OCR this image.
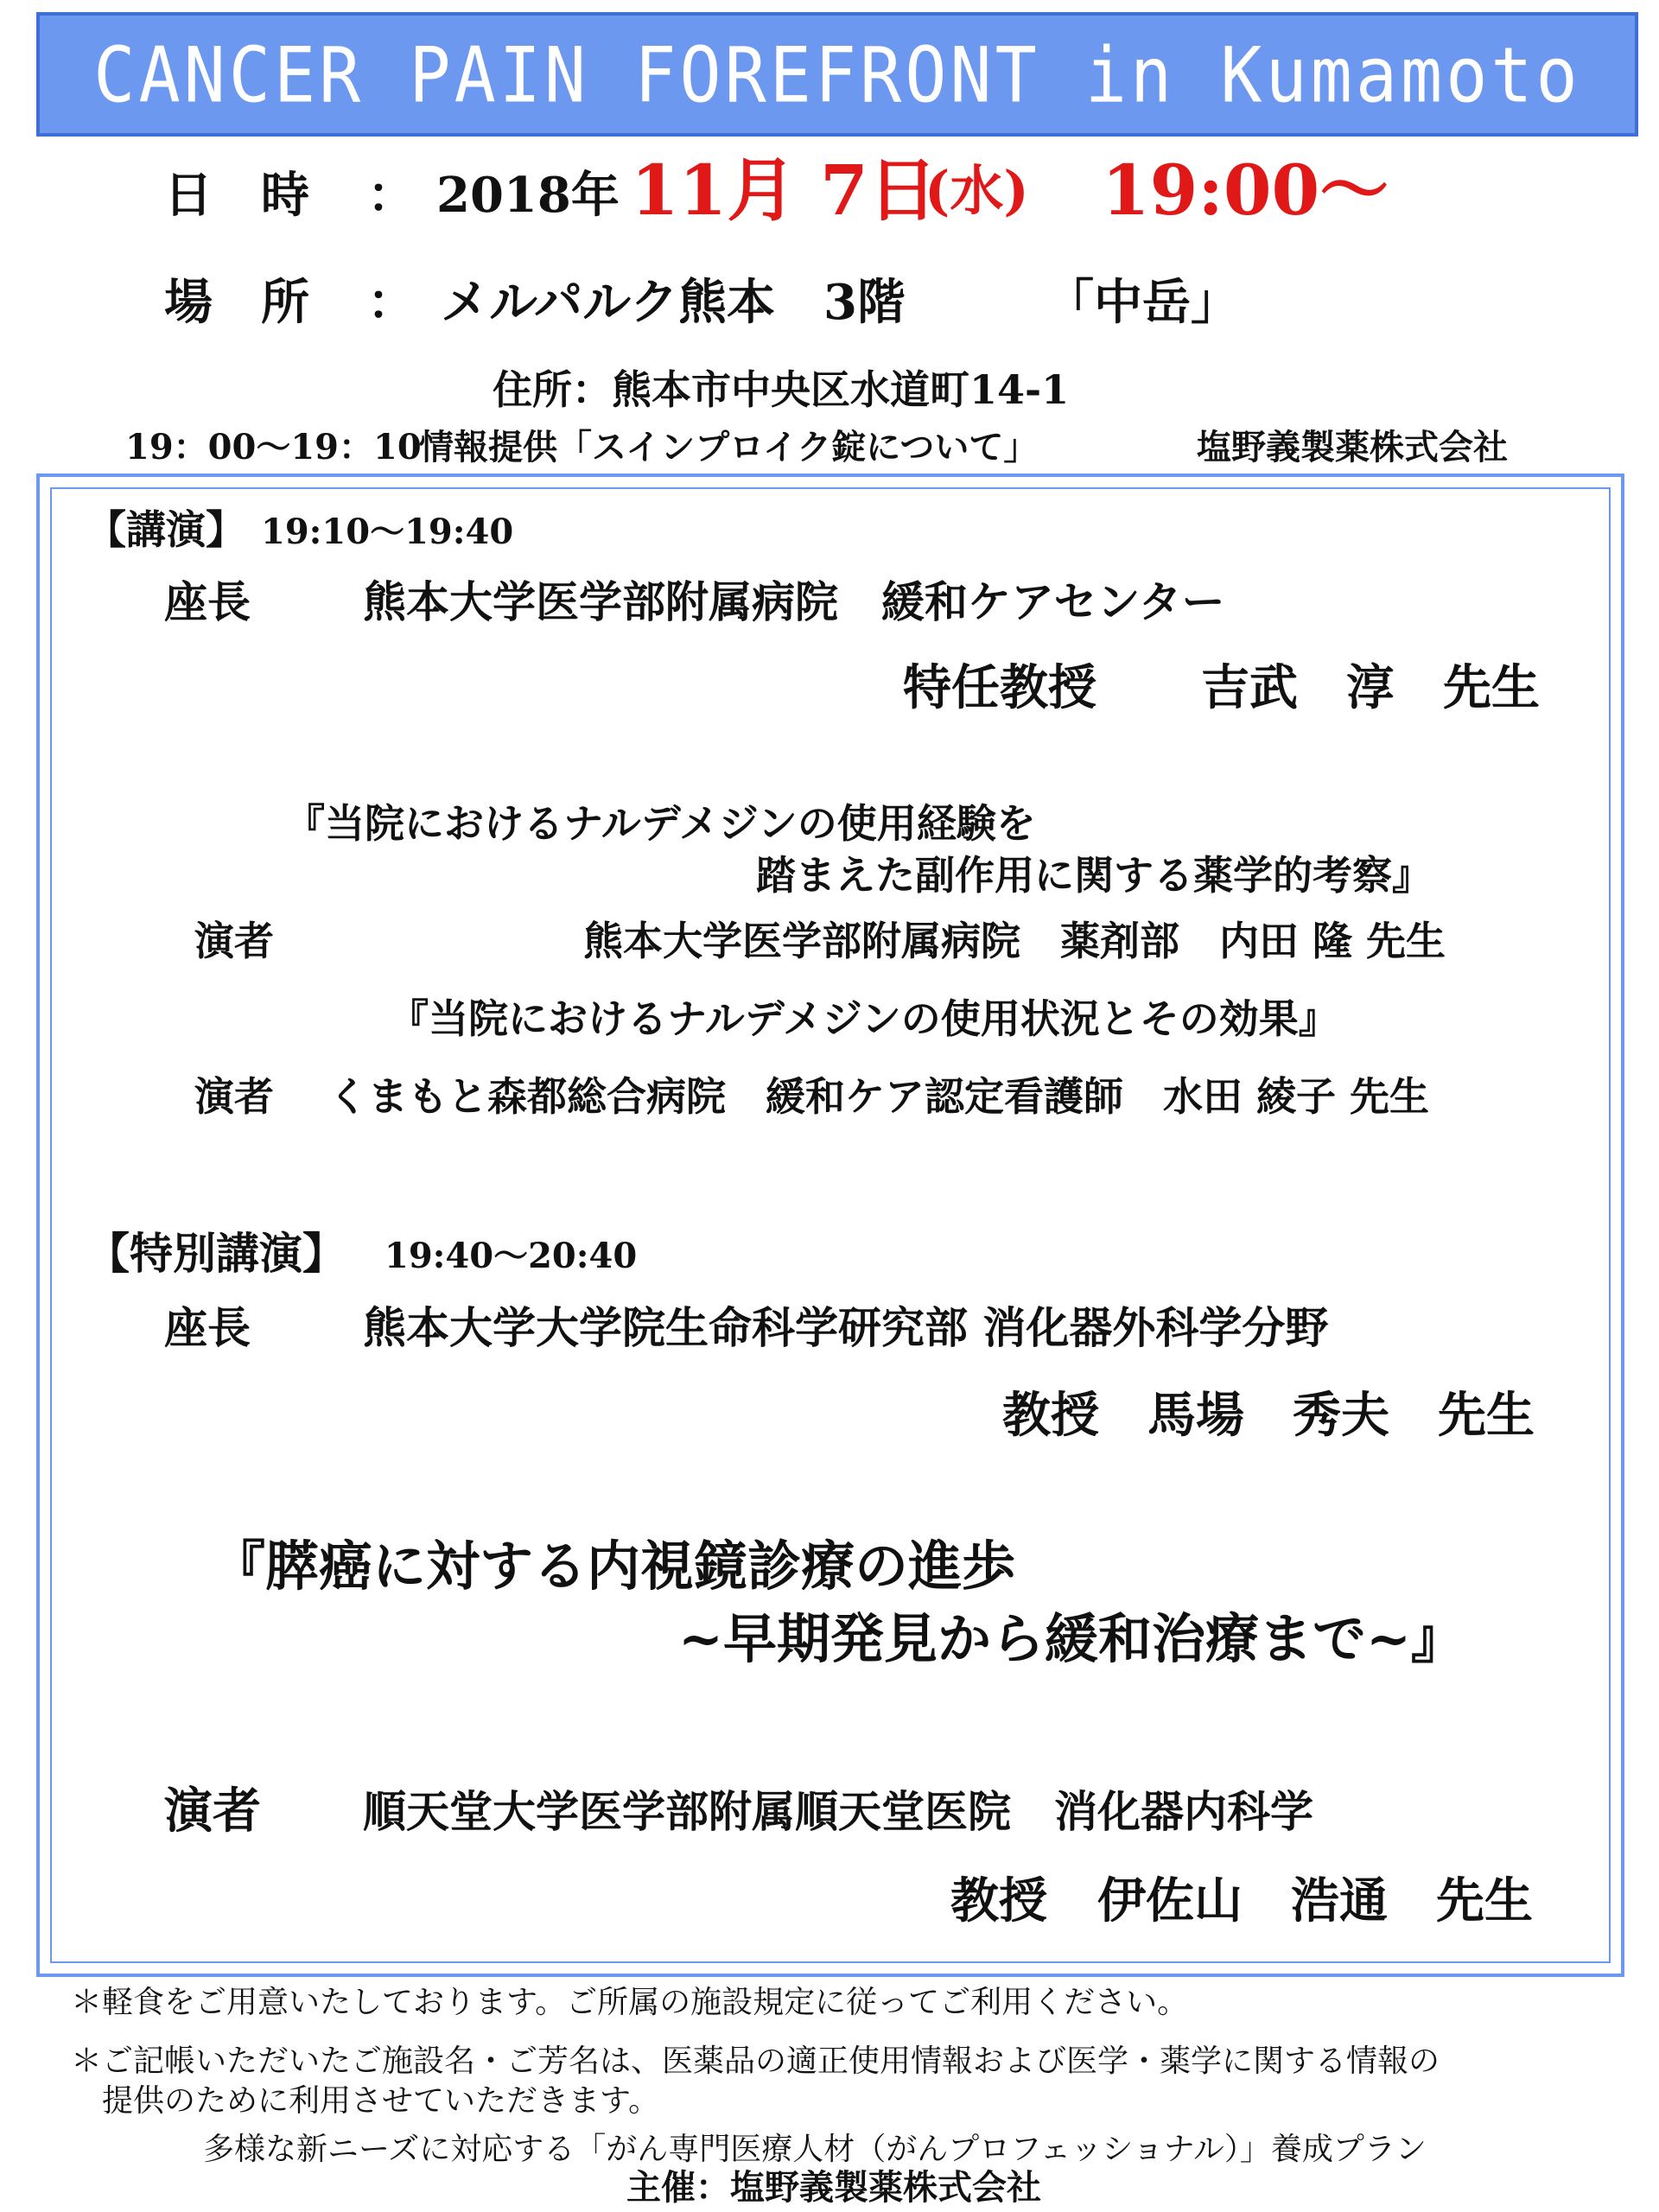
CANCER PAIN FOREFRONT in Kumamoto
日　時 ： 2018年 11月 7日
(水) 19:00～
場　所 ： メルパルク熊本　3階	「中岳」
住所：熊本市中央区水道町14-1
19：00～19：10
情報提供「スインプロイク錠について」	塩野義製薬株式会社
【講演】 19:10～19:40
座長	熊本大学医学部附属病院　緩和ケアセンター
特任教授 吉武　淳　先生
『当院におけるナルデメジンの使用経験を
踏まえた副作用に関する薬学的考察』
演者	熊本大学医学部附属病院　薬剤部　内田 隆 先生
『当院におけるナルデメジンの使用状況とその効果』
演者 くまもと森都総合病院　緩和ケア認定看護師　水田 綾子 先生
【特別講演】 19:40～20:40
座長	熊本大学大学院生命科学研究部 消化器外科学分野
教授 馬場　秀夫　先生
『膵癌に対する内視鏡診療の進歩
~早期発見から緩和治療まで~』
演者 順天堂大学医学部附属順天堂医院　消化器内科学
教授 伊佐山　浩通　先生
＊軽食をご用意いたしております。ご所属の施設規定に従ってご利用ください。
＊ご記帳いただいたご施設名・ご芳名は、医薬品の適正使用情報および医学・薬学に関する情報の
提供のために利用させていただきます。
多様な新ニーズに対応する「がん専門医療人材（がんプロフェッショナル）」養成プラン
主催：塩野義製薬株式会社
